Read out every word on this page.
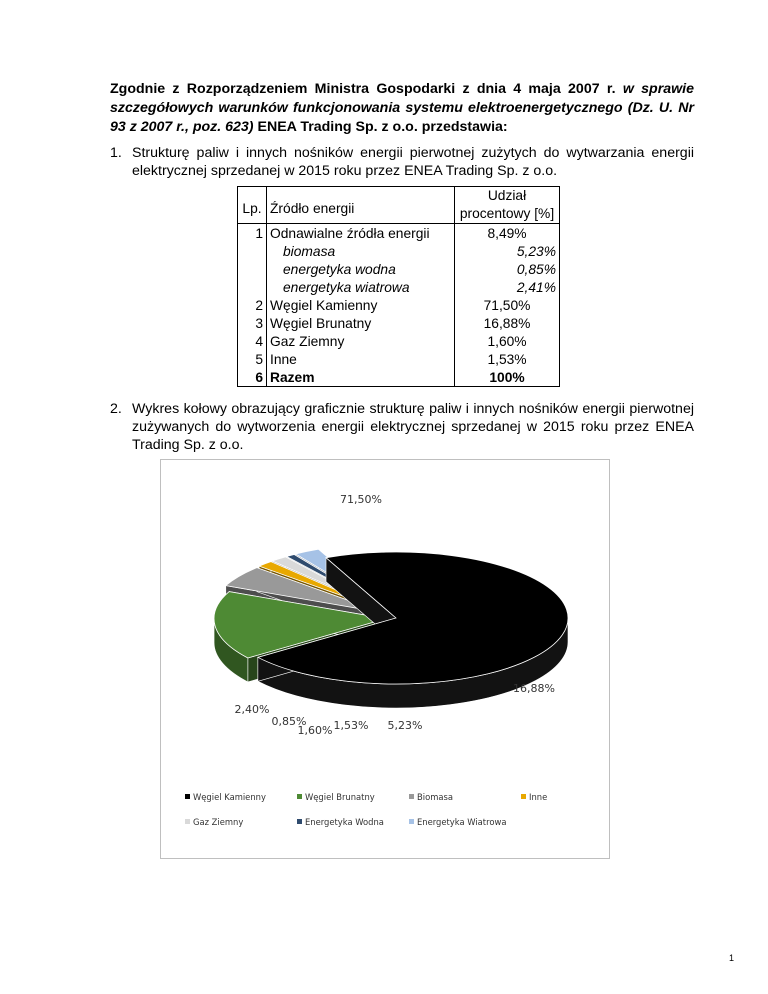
Zgodnie z Rozporządzeniem Ministra Gospodarki z dnia 4 maja 2007 r. w sprawie szczegółowych warunków funkcjonowania systemu elektroenergetycznego (Dz. U. Nr 93 z 2007 r., poz. 623) ENEA Trading Sp. z o.o. przedstawia:

1. Strukturę paliw i innych nośników energii pierwotnej zużytych do wytwarzania energii elektrycznej sprzedanej w 2015 roku przez ENEA Trading Sp. z o.o.
Lp.	Źródło energii	Udział
procentowy [%]
1	Odnawialne źródła energii	8,49%
	biomasa	5,23%
	energetyka wodna	0,85%
	energetyka wiatrowa	2,41%
2	Węgiel Kamienny	71,50%
3	Węgiel Brunatny	16,88%
4	Gaz Ziemny	1,60%
5	Inne	1,53%
6	Razem	100%
2. Wykres kołowy obrazujący graficznie strukturę paliw i innych nośników energii pierwotnej zużywanych do wytworzenia energii elektrycznej sprzedanej w 2015 roku przez ENEA Trading Sp. z o.o.
71,50%
16,88%
5,23%
1,53%
1,60%
0,85%
2,40%
Węgiel Kamienny	Węgiel Brunatny	Biomasa	Inne
Gaz Ziemny	Energetyka Wodna	Energetyka Wiatrowa
1
